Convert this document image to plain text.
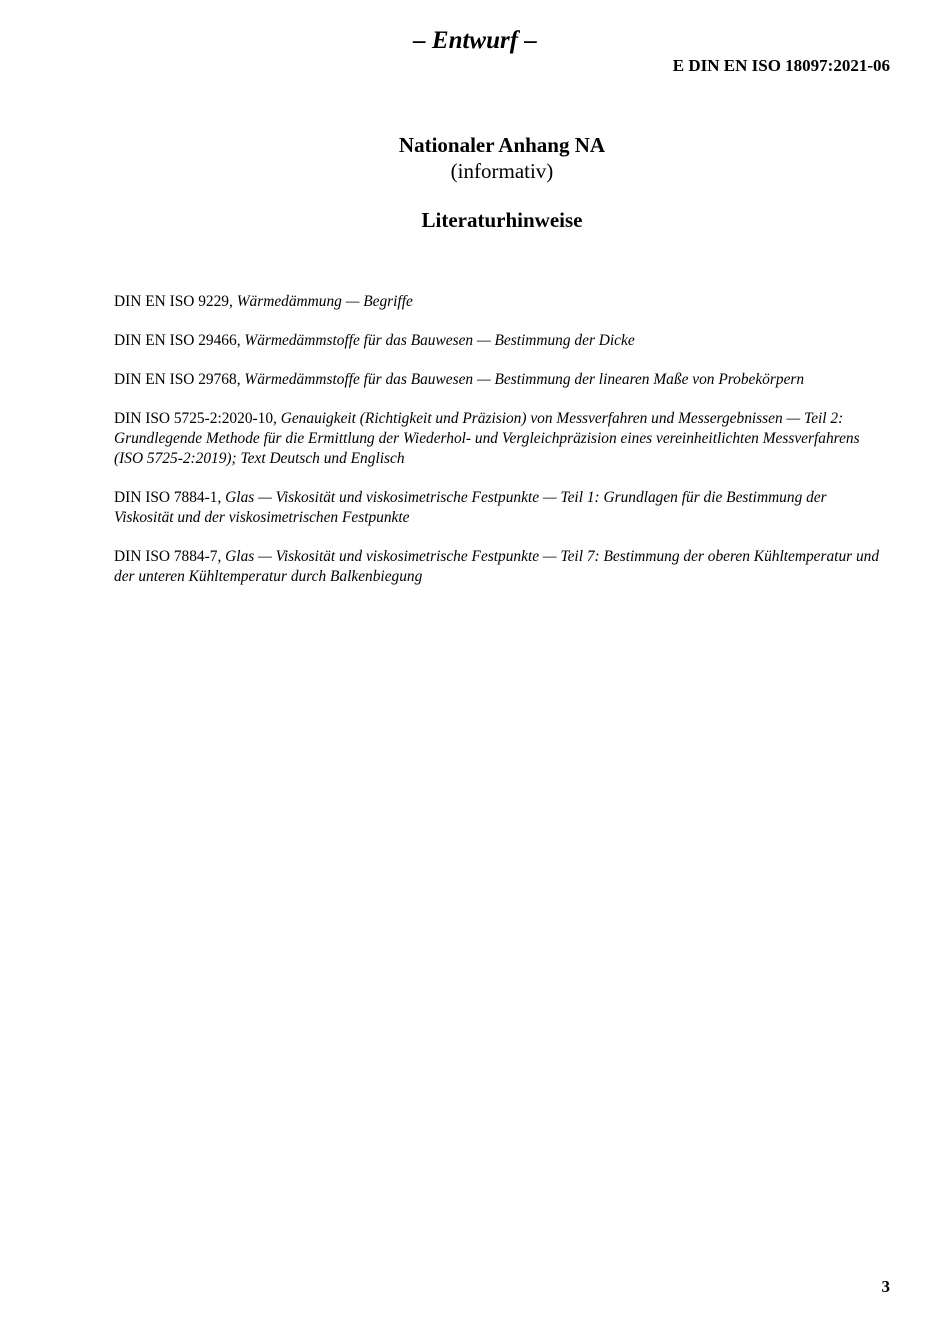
– Entwurf –
E DIN EN ISO 18097:2021-06
Nationaler Anhang NA
(informativ)
Literaturhinweise
DIN EN ISO 9229, Wärmedämmung — Begriffe
DIN EN ISO 29466, Wärmedämmstoffe für das Bauwesen — Bestimmung der Dicke
DIN EN ISO 29768, Wärmedämmstoffe für das Bauwesen — Bestimmung der linearen Maße von Probekörpern
DIN ISO 5725-2:2020-10, Genauigkeit (Richtigkeit und Präzision) von Messverfahren und Messergebnissen — Teil 2: Grundlegende Methode für die Ermittlung der Wiederhol- und Vergleichpräzision eines vereinheitlichten Messverfahrens (ISO 5725-2:2019); Text Deutsch und Englisch
DIN ISO 7884-1, Glas — Viskosität und viskosimetrische Festpunkte — Teil 1: Grundlagen für die Bestimmung der Viskosität und der viskosimetrischen Festpunkte
DIN ISO 7884-7, Glas — Viskosität und viskosimetrische Festpunkte — Teil 7: Bestimmung der oberen Kühltemperatur und der unteren Kühltemperatur durch Balkenbiegung
3
